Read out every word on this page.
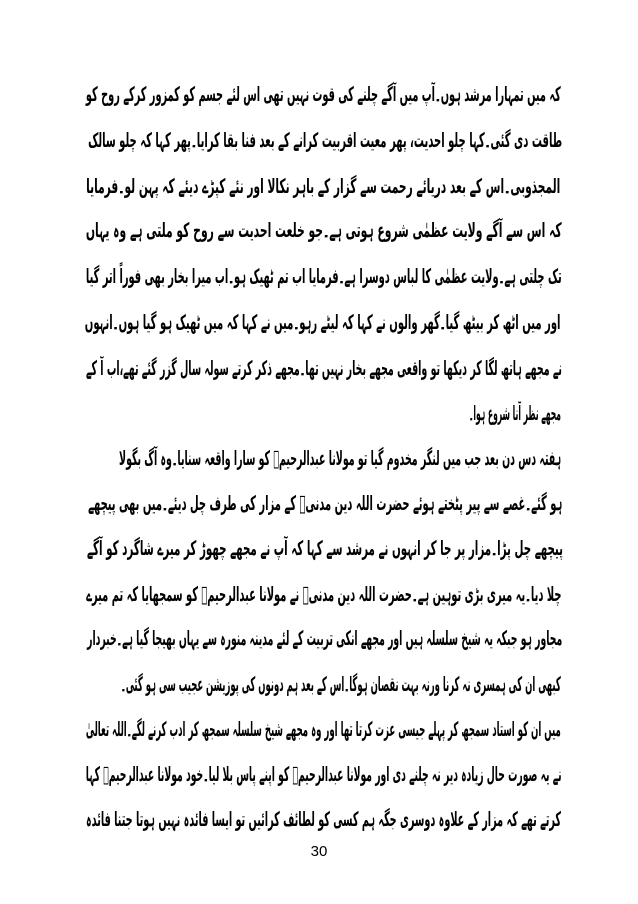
کہ میں تمہارا مرشد ہوں۔آپ میں آگے چلنے کی قوت نہیں تھی اس لئے جسم کو کمزور کرکے روح کو
طاقت دی گئی۔کہا چلو احدیت، پھر معیت اقربیت کرانے کے بعد فنا بقا کرایا۔پھر کہا کہ چلو سالک
المجذوبی۔اس کے بعد دریائے رحمت سے گزار کے باہر نکالا اور نئے کپڑے دیئے کہ پہن لو۔فرمایا
کہ اس سے آگے ولایت عظمٰی شروع ہوتی ہے۔جو خلعت احدیت سے روح کو ملتی ہے وہ یہاں
تک چلتی ہے۔ولایت عظمٰی کا لباس دوسرا ہے۔فرمایا اب تم ٹھیک ہو۔اب میرا بخار بھی فوراً اتر گیا
اور میں اٹھ کر بیٹھ گیا۔گھر والوں نے کہا کہ لیٹے رہو۔میں نے کہا کہ میں ٹھیک ہو گیا ہوں۔انہوں
نے مجھے ہاتھ لگا کر دیکھا تو واقعی مجھے بخار نہیں تھا۔مجھے ذکر کرتے سولہ سال گزر گئے تھے،اب آ کے
مجھے نظر آنا شروع ہوا۔
ہفتہ دس دن بعد جب میں لنگر مخدوم گیا تو مولانا عبدالرحیمؒ کو سارا واقعہ سنایا۔وہ آگ بگولا
ہو گئے۔غصے سے پیر پٹختے ہوئے حضرت اللہ دین مدنیؒ کے مزار کی طرف چل دیئے۔میں بھی پیچھے
پیچھے چل پڑا۔مزار پر جا کر انہوں نے مرشد سے کہا کہ آپ نے مجھے چھوڑ کر میرے شاگرد کو آگے
چلا دیا۔یہ میری بڑی توہین ہے۔حضرت اللہ دین مدنیؒ نے مولانا عبدالرحیمؒ کو سمجھایا کہ تم میرے
مجاور ہو جبکہ یہ شیخ سلسلہ ہیں اور مجھے انکی تربیت کے لئے مدینہ منورہ سے یہاں بھیجا گیا ہے۔خبردار
کبھی ان کی ہمسری نہ کرنا ورنہ بہت نقصان ہوگا۔اس کے بعد ہم دونوں کی پوزیشن عجیب سی ہو گئی۔
میں ان کو استاد سمجھ کر پہلے جیسی عزت کرتا تھا اور وہ مجھے شیخ سلسلہ سمجھ کر ادب کرنے لگے۔اللہ تعالیٰ
نے یہ صورت حال زیادہ دیر نہ چلنے دی اور مولانا عبدالرحیمؒ کو اپنے پاس بلا لیا۔خود مولانا عبدالرحیمؒ کہا
کرتے تھے کہ مزار کے علاوہ دوسری جگہ ہم کسی کو لطائف کرائیں تو ایسا فائدہ نہیں ہوتا جتنا فائدہ
30
